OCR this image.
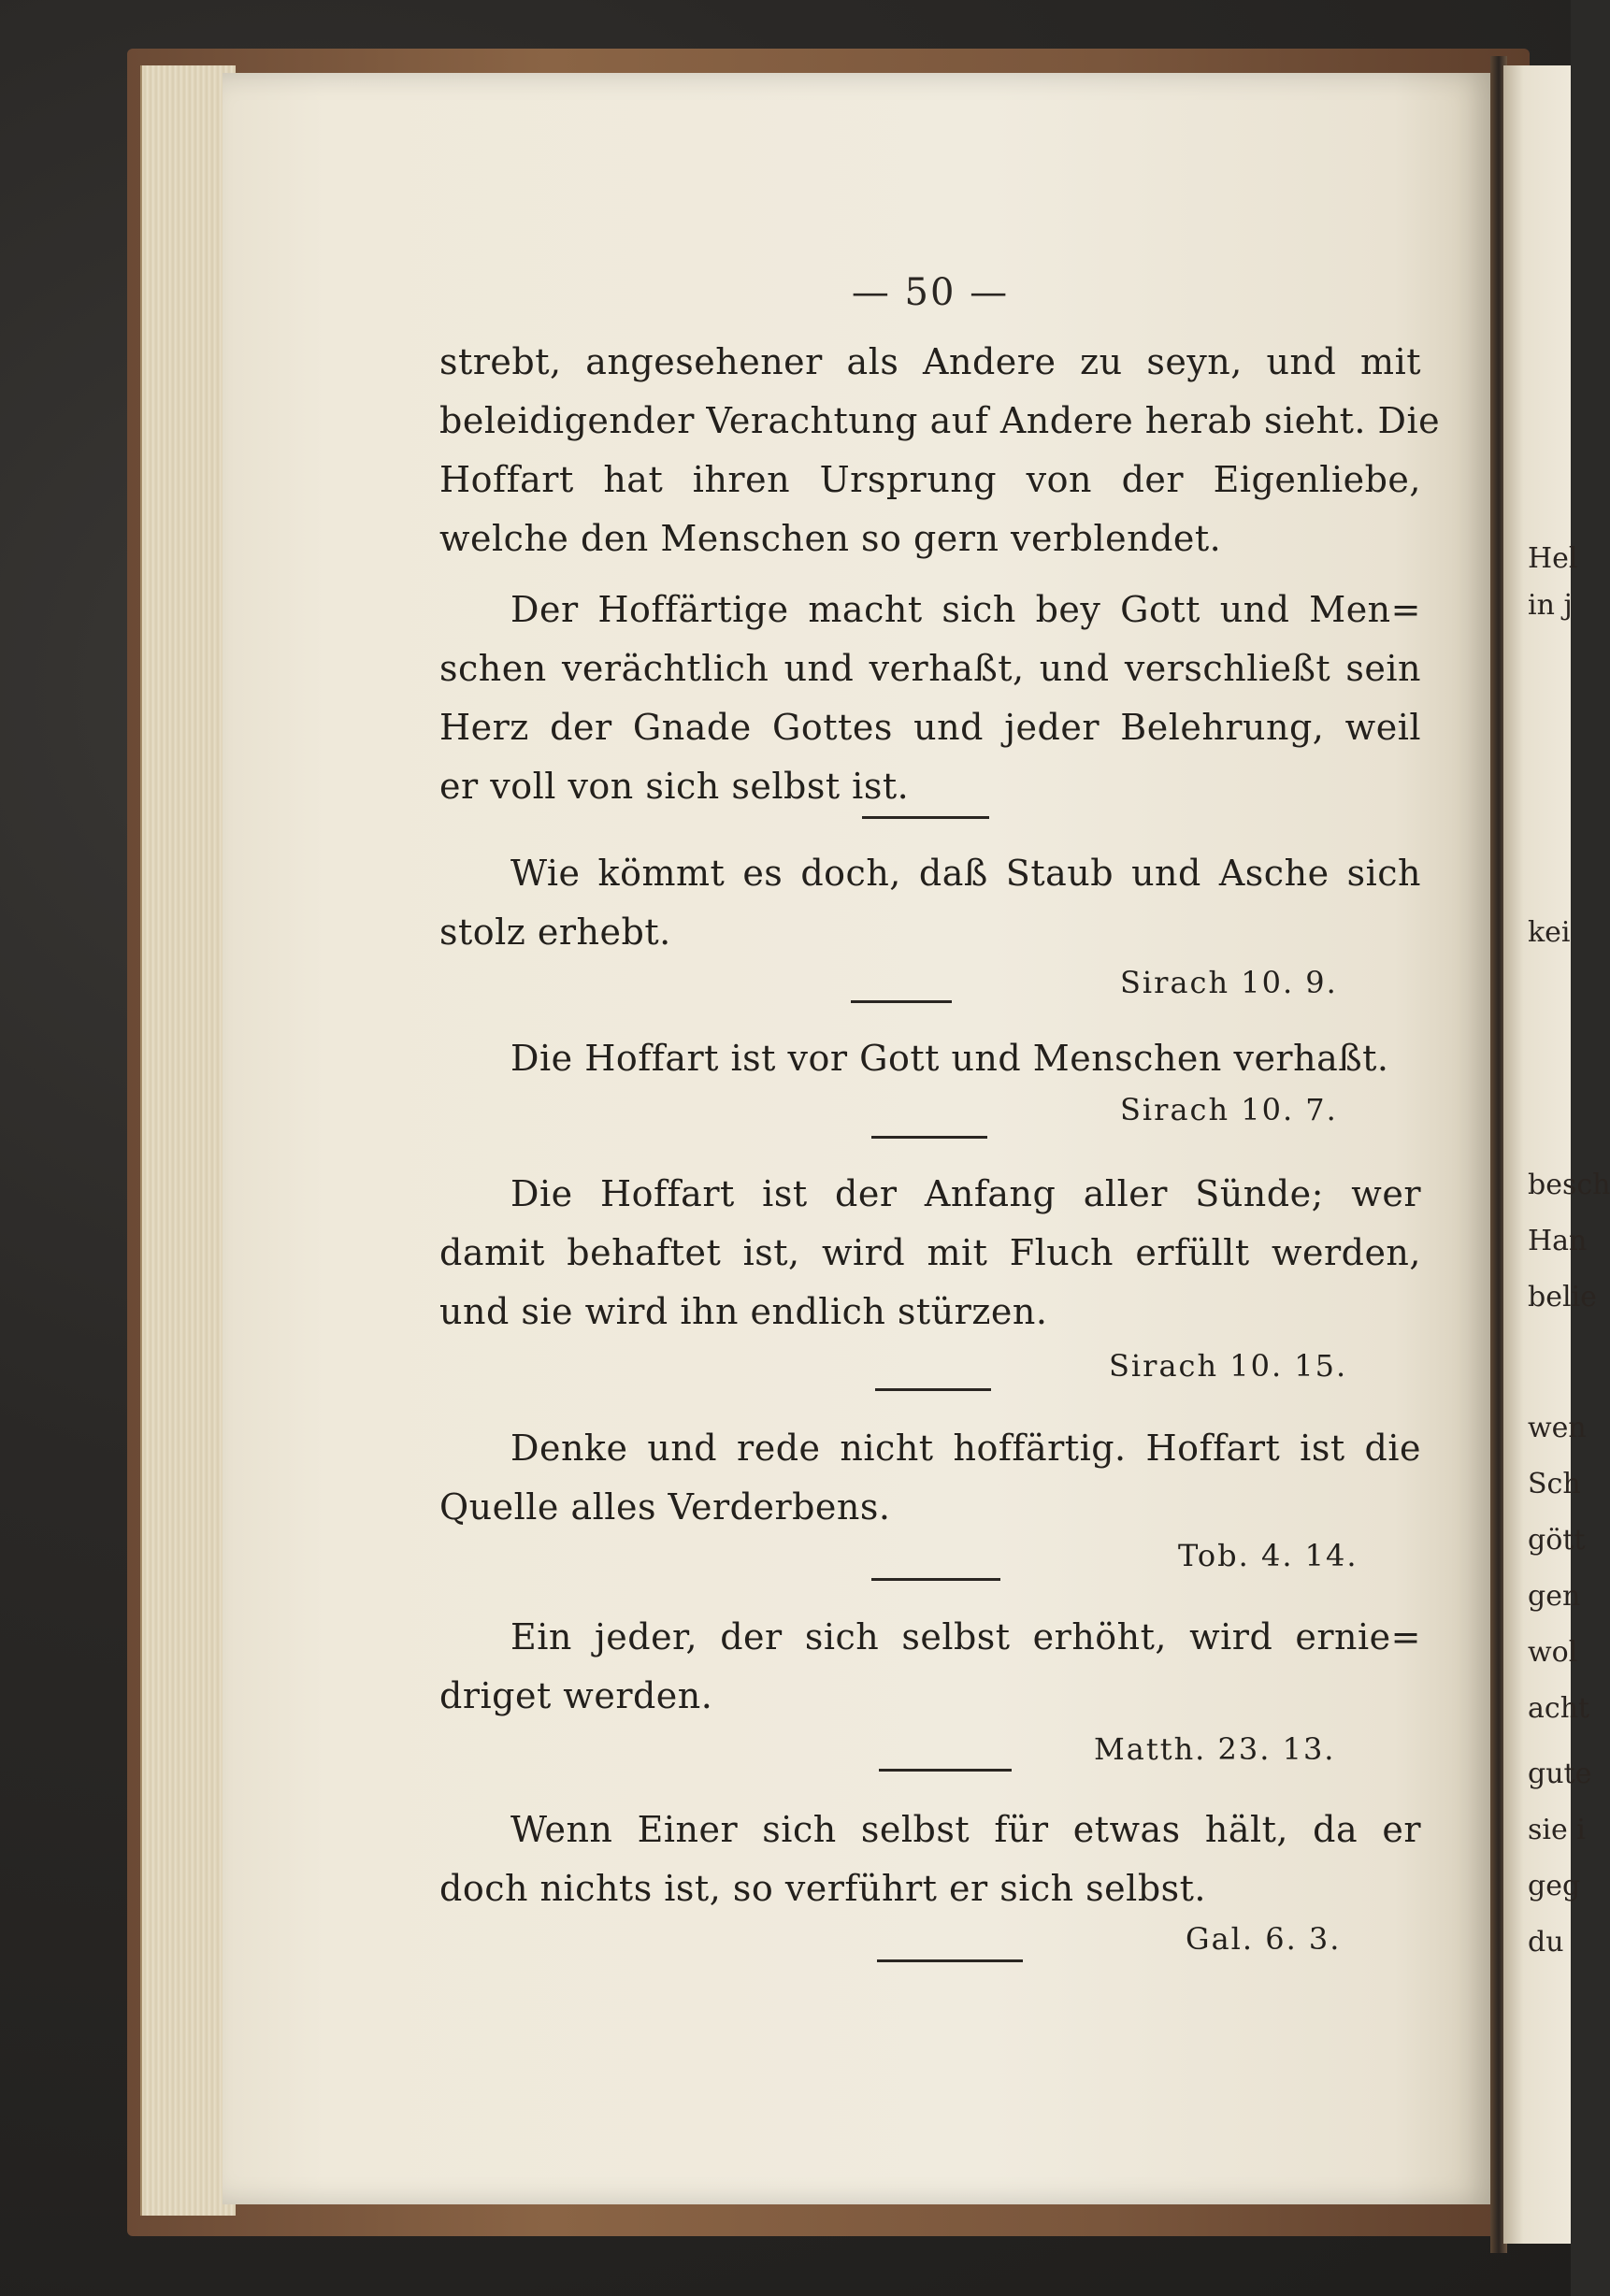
Hel
in j
kei
besch
Han
belie
wen
Sch
gött
gen
wol
acht
gute
sie i
geg
du
— 50 —
strebt, angesehener als Andere zu seyn, und mit
beleidigender Verachtung auf Andere herab sieht. Die
Hoffart hat ihren Ursprung von der Eigenliebe,
welche den Menschen so gern verblendet.
Der Hoffärtige macht sich bey Gott und Men=
schen verächtlich und verhaßt, und verschließt sein
Herz der Gnade Gottes und jeder Belehrung, weil
er voll von sich selbst ist.
Wie kömmt es doch, daß Staub und Asche sich
stolz erhebt.
Sirach 10. 9.
Die Hoffart ist vor Gott und Menschen verhaßt.
Sirach 10. 7.
Die Hoffart ist der Anfang aller Sünde; wer
damit behaftet ist, wird mit Fluch erfüllt werden,
und sie wird ihn endlich stürzen.
Sirach 10. 15.
Denke und rede nicht hoffärtig. Hoffart ist die
Quelle alles Verderbens.
Tob. 4. 14.
Ein jeder, der sich selbst erhöht, wird ernie=
driget werden.
Matth. 23. 13.
Wenn Einer sich selbst für etwas hält, da er
doch nichts ist, so verführt er sich selbst.
Gal. 6. 3.
